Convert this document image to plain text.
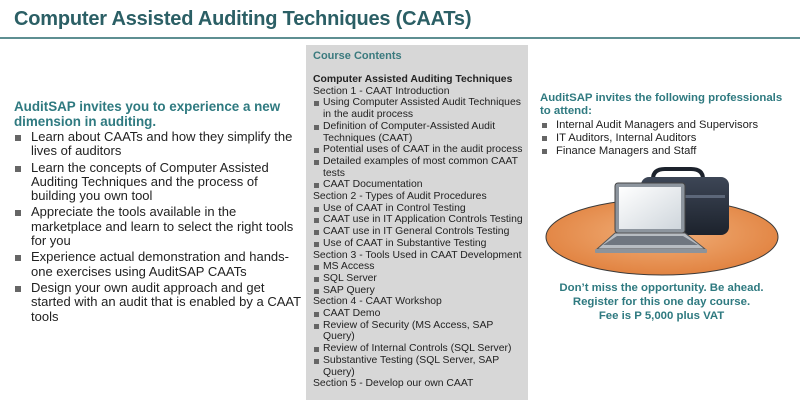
Computer Assisted Auditing Techniques (CAATs)
AuditSAP invites you to experience a new dimension in auditing.
Learn about CAATs and how they simplify the lives of auditors
Learn the concepts of Computer Assisted Auditing Techniques and the process of building you own tool
Appreciate the tools available in the marketplace and learn to select the right tools for you
Experience actual demonstration and hands-one exercises using AuditSAP CAATs
Design your own audit approach and get started with an audit that is enabled by a CAAT tools
Course Contents
Computer Assisted Auditing Techniques
Section 1 - CAAT Introduction
Using Computer Assisted Audit Techniques in the audit process
Definition of Computer-Assisted Audit Techniques (CAAT)
Potential uses of CAAT in the audit process
Detailed examples of most common CAAT tests
CAAT Documentation
Section 2 - Types of Audit Procedures
Use of CAAT in Control Testing
CAAT use in IT Application Controls Testing
CAAT use in IT General Controls Testing
Use of CAAT in Substantive Testing
Section 3 - Tools Used in CAAT Development
MS Access
SQL Server
SAP Query
Section 4 - CAAT Workshop
CAAT Demo
Review of Security (MS Access, SAP Query)
Review of Internal Controls (SQL Server)
Substantive Testing (SQL Server, SAP Query)
Section 5 - Develop our own CAAT
AuditSAP invites the following professionals to attend:
Internal Audit Managers and Supervisors
IT Auditors, Internal Auditors
Finance Managers and Staff
Don’t miss the opportunity. Be ahead.
Register for this one day course.
Fee is P 5,000 plus VAT
